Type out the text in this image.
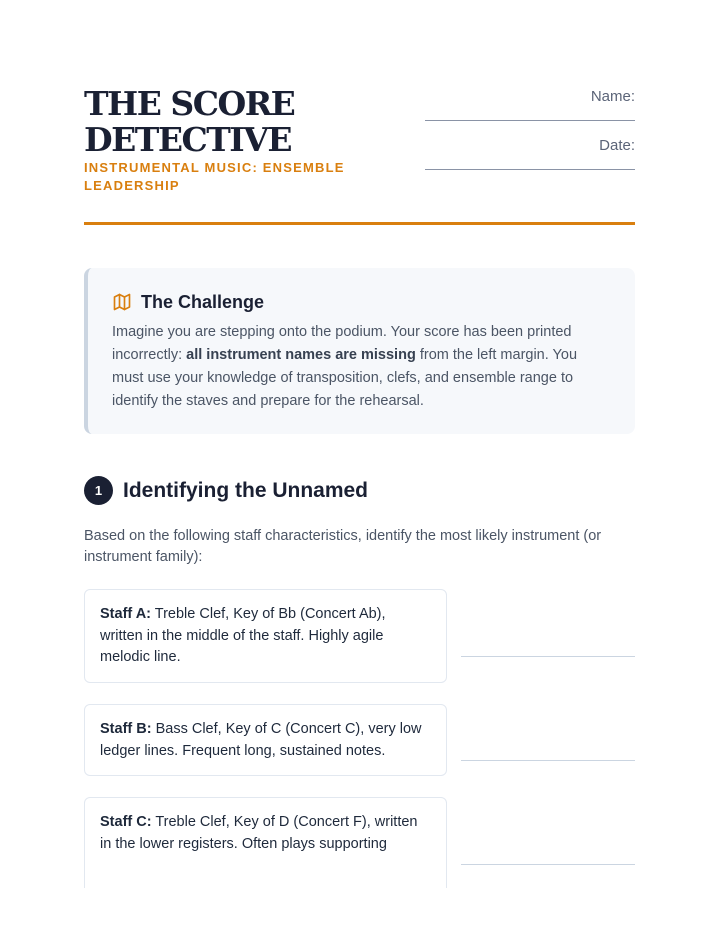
THE SCORE
DETECTIVE
INSTRUMENTAL MUSIC: ENSEMBLE LEADERSHIP
Name:
Date:
The Challenge

Imagine you are stepping onto the podium. Your score has been printed incorrectly: all instrument names are missing from the left margin. You must use your knowledge of transposition, clefs, and ensemble range to identify the staves and prepare for the rehearsal.

1 Identifying the Unnamed

Based on the following staff characteristics, identify the most likely instrument (or instrument family):

Staff A: Treble Clef, Key of Bb (Concert Ab), written in the middle of the staff. Highly agile melodic line.

Staff B: Bass Clef, Key of C (Concert C), very low ledger lines. Frequent long, sustained notes.

Staff C: Treble Clef, Key of D (Concert F), written in the lower registers. Often plays supporting
